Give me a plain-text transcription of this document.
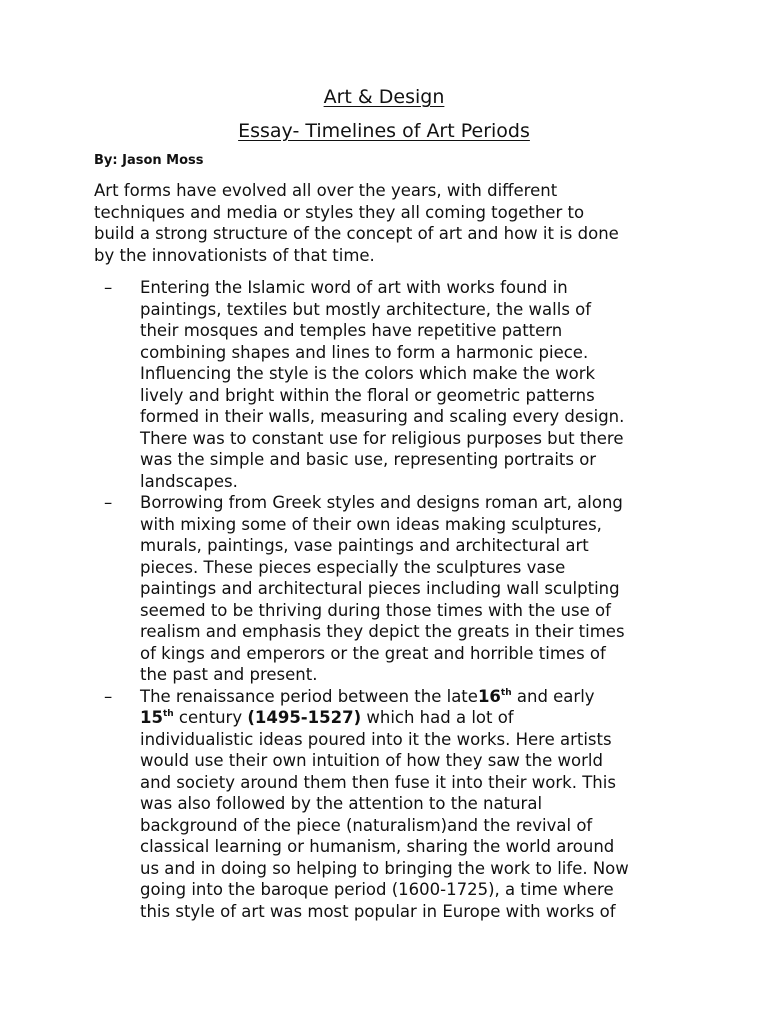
Art & Design
Essay- Timelines of Art Periods
By: Jason Moss
Art forms have evolved all over the years, with different
techniques and media or styles they all coming together to
build a strong structure of the concept of art and how it is done
by the innovationists of that time.
– Entering the Islamic word of art with works found in
paintings, textiles but mostly architecture, the walls of
their mosques and temples have repetitive pattern
combining shapes and lines to form a harmonic piece.
Influencing the style is the colors which make the work
lively and bright within the floral or geometric patterns
formed in their walls, measuring and scaling every design.
There was to constant use for religious purposes but there
was the simple and basic use, representing portraits or
landscapes.
– Borrowing from Greek styles and designs roman art, along
with mixing some of their own ideas making sculptures,
murals, paintings, vase paintings and architectural art
pieces. These pieces especially the sculptures vase
paintings and architectural pieces including wall sculpting
seemed to be thriving during those times with the use of
realism and emphasis they depict the greats in their times
of kings and emperors or the great and horrible times of
the past and present.
– The renaissance period between the late16th and early
15th century (1495-1527) which had a lot of
individualistic ideas poured into it the works. Here artists
would use their own intuition of how they saw the world
and society around them then fuse it into their work. This
was also followed by the attention to the natural
background of the piece (naturalism)and the revival of
classical learning or humanism, sharing the world around
us and in doing so helping to bringing the work to life. Now
going into the baroque period (1600-1725), a time where
this style of art was most popular in Europe with works of
